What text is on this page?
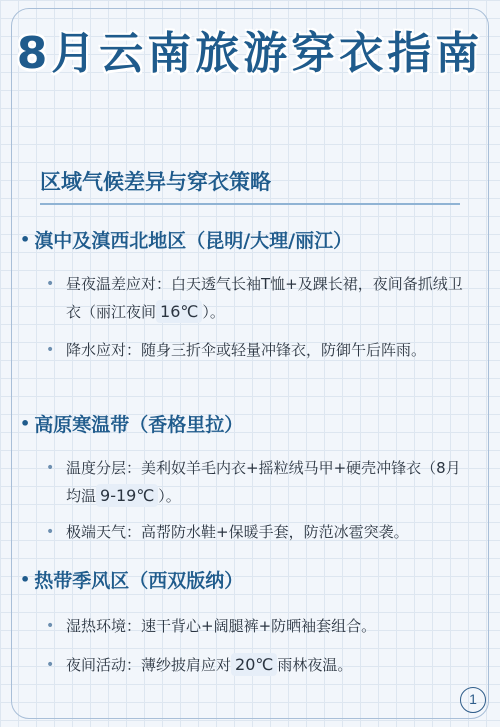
8月云南旅游穿衣指南
区域气候差异与穿衣策略
• 滇中及滇西北地区（昆明/大理/丽江）
• 昼夜温差应对：白天透气长袖T恤+及踝长裙，夜间备抓绒卫衣（丽江夜间 16℃ ）。
• 降水应对：随身三折伞或轻量冲锋衣，防御午后阵雨。
• 高原寒温带（香格里拉）
• 温度分层：美利奴羊毛内衣+摇粒绒马甲+硬壳冲锋衣（8月均温 9-19℃ ）。
• 极端天气：高帮防水鞋+保暖手套，防范冰雹突袭。
• 热带季风区（西双版纳）
• 湿热环境：速干背心+阔腿裤+防晒袖套组合。
• 夜间活动：薄纱披肩应对 20℃ 雨林夜温。
1
